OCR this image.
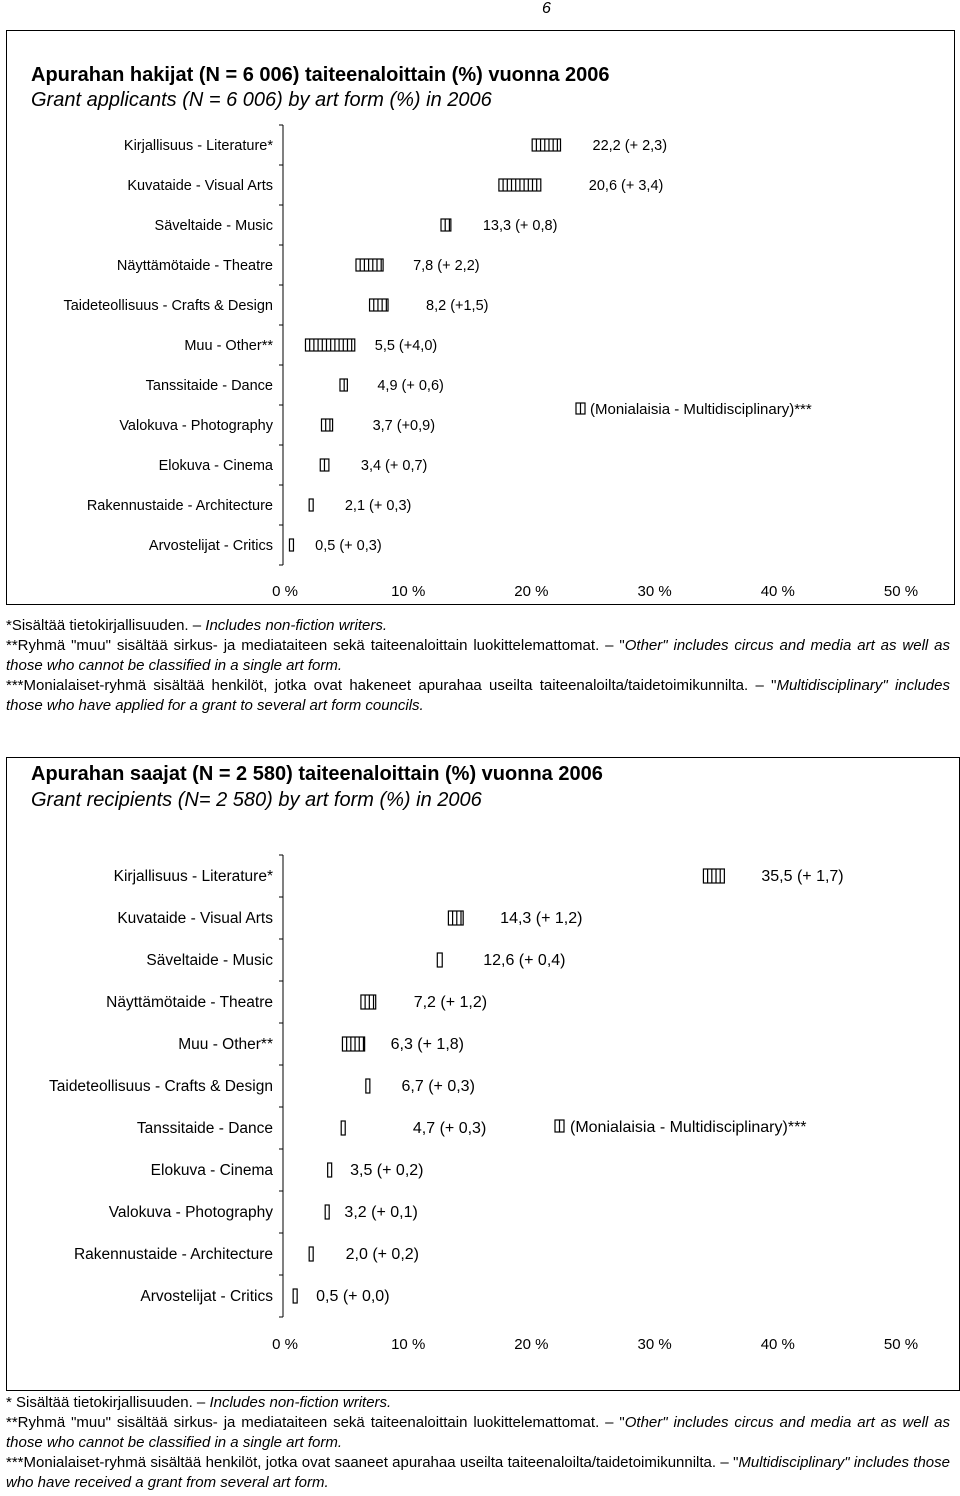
6
Apurahan hakijat (N = 6 006) taiteenaloittain (%) vuonna 2006
Grant applicants (N = 6 006) by art form (%) in 2006
Kirjallisuus - Literature*	22,2 (+ 2,3)
Kuvataide - Visual Arts	20,6 (+ 3,4)
Säveltaide - Music	13,3 (+ 0,8)
Näyttämötaide - Theatre	7,8 (+ 2,2)
Taideteollisuus - Crafts & Design	8,2 (+1,5)
Muu - Other**	5,5 (+4,0)
Tanssitaide - Dance	4,9 (+ 0,6)
Valokuva - Photography	3,7 (+0,9)
Elokuva - Cinema	3,4 (+ 0,7)
Rakennustaide - Architecture	2,1 (+ 0,3)
Arvostelijat - Critics	0,5 (+ 0,3)
0 %	10 %	20 %	30 %	40 %	50 %
(Monialaisia - Multidisciplinary)***

*Sisältää tietokirjallisuuden. – Includes non-fiction writers.

**Ryhmä "muu" sisältää sirkus- ja mediataiteen sekä taiteenaloittain luokittelemattomat. – "Other" includes circus and media art as well as those who cannot be classified in a single art form.

***Monialaiset-ryhmä sisältää henkilöt, jotka ovat hakeneet apurahaa useilta taiteenaloilta/taidetoimikunnilta. – "Multidisciplinary" includes those who have applied for a grant to several art form councils.

Apurahan saajat (N = 2 580) taiteenaloittain (%) vuonna 2006
Grant recipients (N= 2 580) by art form (%) in 2006
Kirjallisuus - Literature*	35,5 (+ 1,7)
Kuvataide - Visual Arts	14,3 (+ 1,2)
Säveltaide - Music	12,6 (+ 0,4)
Näyttämötaide - Theatre	7,2 (+ 1,2)
Muu - Other**	6,3 (+ 1,8)
Taideteollisuus - Crafts & Design	6,7 (+ 0,3)
Tanssitaide - Dance	4,7 (+ 0,3)
Elokuva - Cinema	3,5 (+ 0,2)
Valokuva - Photography	3,2 (+ 0,1)
Rakennustaide - Architecture	2,0 (+ 0,2)
Arvostelijat - Critics	0,5 (+ 0,0)
0 %	10 %	20 %	30 %	40 %	50 %
(Monialaisia - Multidisciplinary)***

* Sisältää tietokirjallisuuden. – Includes non-fiction writers.

**Ryhmä "muu" sisältää sirkus- ja mediataiteen sekä taiteenaloittain luokittelemattomat. – "Other" includes circus and media art as well as those who cannot be classified in a single art form.

***Monialaiset-ryhmä sisältää henkilöt, jotka ovat saaneet apurahaa useilta taiteenaloilta/taidetoimikunnilta. – "Multidisciplinary" includes those who have received a grant from several art form.
